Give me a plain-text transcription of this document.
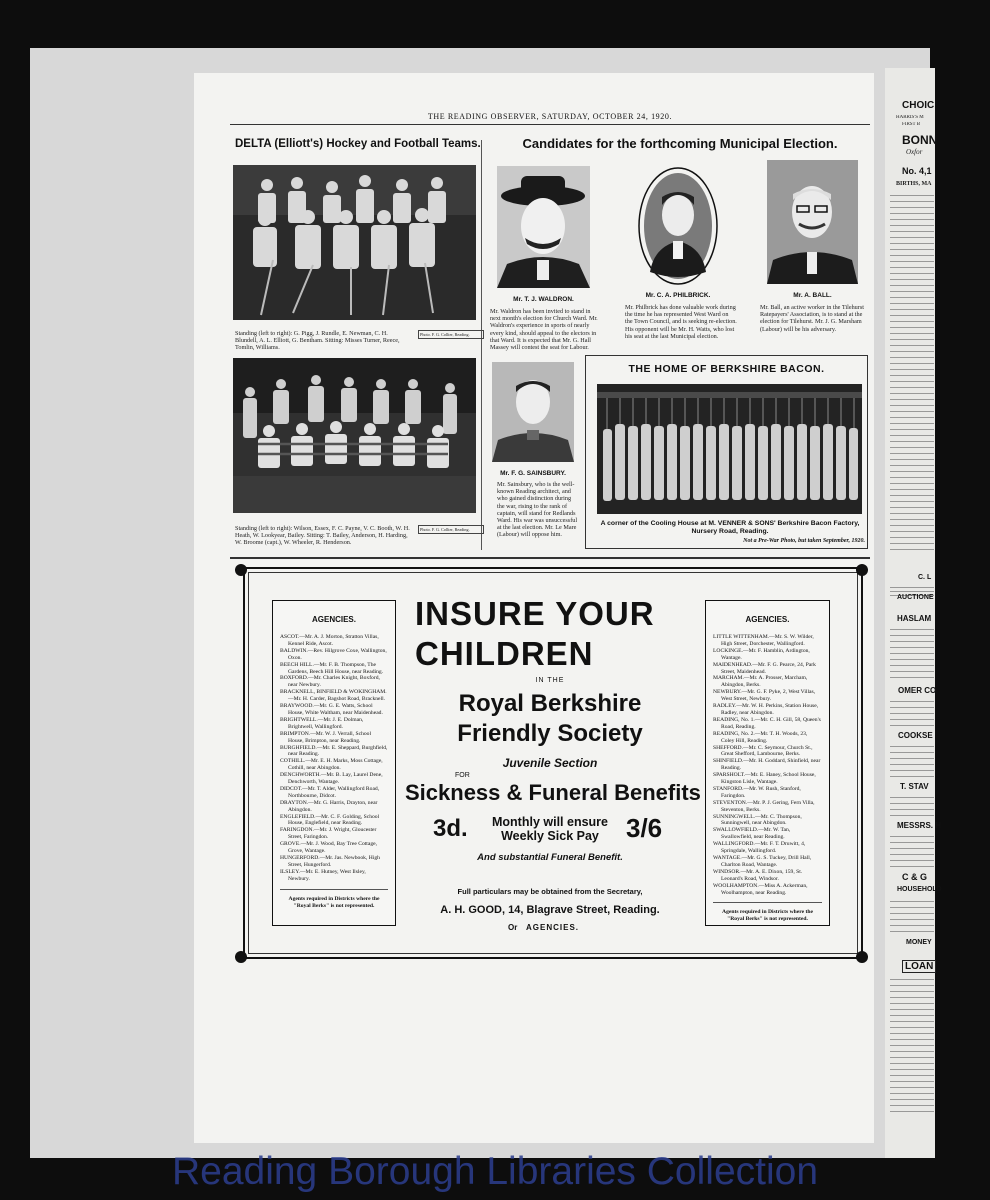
THE READING OBSERVER, SATURDAY, OCTOBER 24, 1920.
DELTA (Elliott's) Hockey and Football Teams.
Standing (left to right): G. Pigg, J. Rundle, E. Newman, C. H. Blundell, A. L. Elliott, G. Bentham. Sitting: Misses Turner, Reece, Tomlin, Williams.
Photo. F. G. Collier, Reading.
Standing (left to right): Wilson, Essex, F. C. Payne, V. C. Booth, W. H. Heath, W. Lookyear, Bailey. Sitting: T. Bailey, Anderson, H. Harding, W. Broome (capt.), W. Wheeler, R. Henderson.
Photo. F. G. Collier, Reading.
Candidates for the forthcoming Municipal Election.
Mr. T. J. WALDRON.
Mr. Waldron has been invited to stand in next month's election for Church Ward. Mr. Waldron's experience in sports of nearly every kind, should appeal to the electors in that Ward. It is expected that Mr. G. Hall Massey will contest the seat for Labour.
Mr. C. A. PHILBRICK.
Mr. Philbrick has done valuable work during the time he has represented West Ward on the Town Council, and is seeking re-election. His opponent will be Mr. H. Watts, who lost his seat at the last Municipal election.
Mr. A. BALL.
Mr. Ball, an active worker in the Tilehurst Ratepayers' Association, is to stand at the election for Tilehurst. Mr. J. G. Marsham (Labour) will be his adversary.
Mr. F. G. SAINSBURY.
Mr. Sainsbury, who is the well-known Reading architect, and who gained distinction during the war, rising to the rank of captain, will stand for Redlands Ward. His war was unsuccessful at the last election. Mr. Le Mare (Labour) will oppose him.
THE HOME OF BERKSHIRE BACON.
A corner of the Cooling House at M. VENNER & SONS' Berkshire Bacon Factory, Nursery Road, Reading.
Not a Pre-War Photo, but taken September, 1920.
AGENCIES.

ASCOT.—Mr. A. J. Morton, Stratton Villas, Kennel Ride, Ascot.

BALDWIN.—Rev. Hilgrove Coxe, Wallington, Oxon.

BEECH HILL.—Mr. F. B. Thompson, The Gardens, Beech Hill House, near Reading.

BOXFORD.—Mr. Charles Knight, Boxford, near Newbury.

BRACKNELL, BINFIELD & WOKINGHAM.—Mr. H. Carder, Bagshot Road, Bracknell.

BRAYWOOD.—Mr. G. E. Watts, School House, White Waltham, near Maidenhead.

BRIGHTWELL.—Mr. J. E. Dolman, Brightwell, Wallingford.

BRIMPTON.—Mr. W. J. Verrall, School House, Brimpton, near Reading.

BURGHFIELD.—Mr. E. Sheppard, Burghfield, near Reading.

COTHILL.—Mr. E. H. Marks, Moss Cottage, Cothill, near Abingdon.

DENCHWORTH.—Mr. B. Lay, Laurel Dene, Denchworth, Wantage.

DIDCOT.—Mr. T. Alder, Wallingford Road, Northbourne, Didcot.

DRAYTON.—Mr. G. Harris, Drayton, near Abingdon.

ENGLEFIELD.—Mr. C. F. Golding, School House, Englefield, near Reading.

FARINGDON.—Mr. J. Wright, Gloucester Street, Faringdon.

GROVE.—Mr. J. Wood, Bay Tree Cottage, Grove, Wantage.

HUNGERFORD.—Mr. Jas. Newbook, High Street, Hungerford.

ILSLEY.—Mr. E. Hutney, West Ilsley, Newbury.

Agents required in Districts where the "Royal Berks" is not represented.
AGENCIES.

LITTLE WITTENHAM.—Mr. S. W. Wilder, High Street, Dorchester, Wallingford.

LOCKINGE.—Mr. F. Hamblin, Ardington, Wantage.

MAIDENHEAD.—Mr. F. G. Pearce, 24, Park Street, Maidenhead.

MARCHAM.—Mr. A. Prosser, Marcham, Abingdon, Berks.

NEWBURY.—Mr. G. F. Pyke, 2, West Villas, West Street, Newbury.

RADLEY.—Mr. W. H. Perkins, Station House, Radley, near Abingdon.

READING, No. 1.—Mr. C. H. Gill, 58, Queen's Road, Reading.

READING, No. 2.—Mr. T. H. Woods, 23, Coley Hill, Reading.

SHEFFORD.—Mr. C. Seymour, Church St., Great Shefford, Lambourne, Berks.

SHINFIELD.—Mr. H. Goddard, Shinfield, near Reading.

SPARSHOLT.—Mr. E. Haney, School House, Kingston Lisle, Wantage.

STANFORD.—Mr. W. Rush, Stanford, Faringdon.

STEVENTON.—Mr. P. J. Gering, Fern Villa, Steventon, Berks.

SUNNINGWELL.—Mr. C. Thompson, Sunningwell, near Abingdon.

SWALLOWFIELD.—Mr. W. Tan, Swallowfield, near Reading.

WALLINGFORD.—Mr. F. T. Druwitt, 4, Springdale, Wallingford.

WANTAGE.—Mr. G. S. Tuckey, Drill Hall, Charlton Road, Wantage.

WINDSOR.—Mr. A. E. Dixon, 159, St. Leonard's Road, Windsor.

WOOLHAMPTON.—Miss A. Ackerman, Woolhampton, near Reading.

Agents required in Districts where the "Royal Berks" is not represented.
INSURE YOUR
CHILDREN
IN THE
Royal Berkshire
Friendly Society
Juvenile Section
FOR
Sickness & Funeral Benefits
3d.	Monthly will ensure
Weekly Sick Pay	3/6
And substantial Funeral Benefit.
Full particulars may be obtained from the Secretary,
A. H. GOOD, 14, Blagrave Street, Reading.
Or AGENCIES.
CHOIC
HARRIS'S M
FIRST B
BONN
Oxfor
No. 4,1
BIRTHS, MA
C. L
AUCTIONE
HASLAM
OMER CO
COOKSE
T. STAV
MESSRS. H
C & G
HOUSEHOLD
MONEY
LOAN
Reading Borough Libraries Collection
